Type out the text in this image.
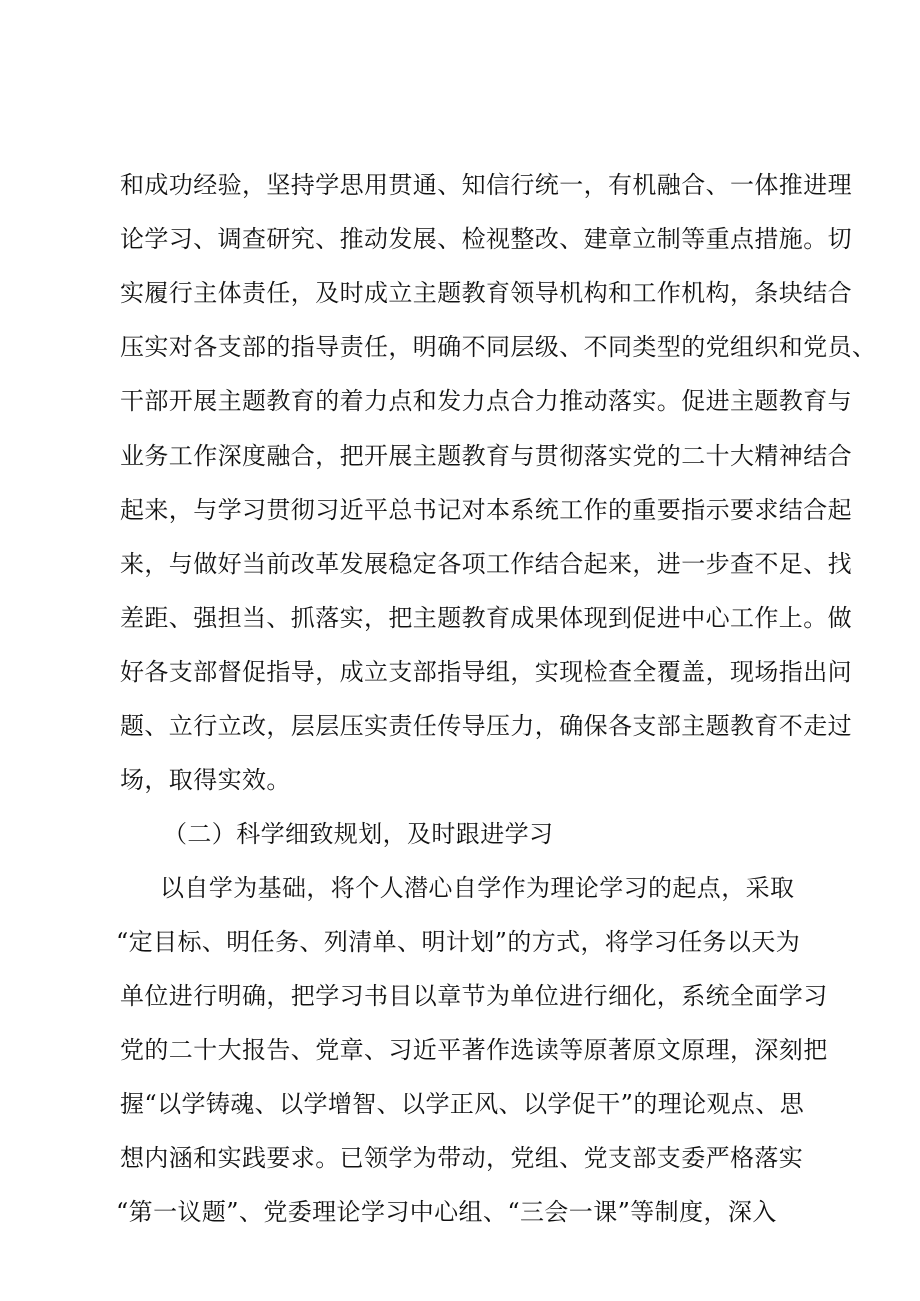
和成功经验，坚持学思用贯通、知信行统一，有机融合、一体推进理
论学习、调查研究、推动发展、检视整改、建章立制等重点措施。切
实履行主体责任，及时成立主题教育领导机构和工作机构，条块结合
压实对各支部的指导责任，明确不同层级、不同类型的党组织和党员、
干部开展主题教育的着力点和发力点合力推动落实。促进主题教育与
业务工作深度融合，把开展主题教育与贯彻落实党的二十大精神结合
起来，与学习贯彻习近平总书记对本系统工作的重要指示要求结合起
来，与做好当前改革发展稳定各项工作结合起来，进一步查不足、找
差距、强担当、抓落实，把主题教育成果体现到促进中心工作上。做
好各支部督促指导，成立支部指导组，实现检查全覆盖，现场指出问
题、立行立改，层层压实责任传导压力，确保各支部主题教育不走过
场，取得实效。
（二）科学细致规划，及时跟进学习
以自学为基础，将个人潜心自学作为理论学习的起点，采取
“定目标、明任务、列清单、明计划”的方式，将学习任务以天为
单位进行明确，把学习书目以章节为单位进行细化，系统全面学习
党的二十大报告、党章、习近平著作选读等原著原文原理，深刻把
握“以学铸魂、以学增智、以学正风、以学促干”的理论观点、思
想内涵和实践要求。已领学为带动，党组、党支部支委严格落实
“第一议题”、党委理论学习中心组、“三会一课”等制度，深入
